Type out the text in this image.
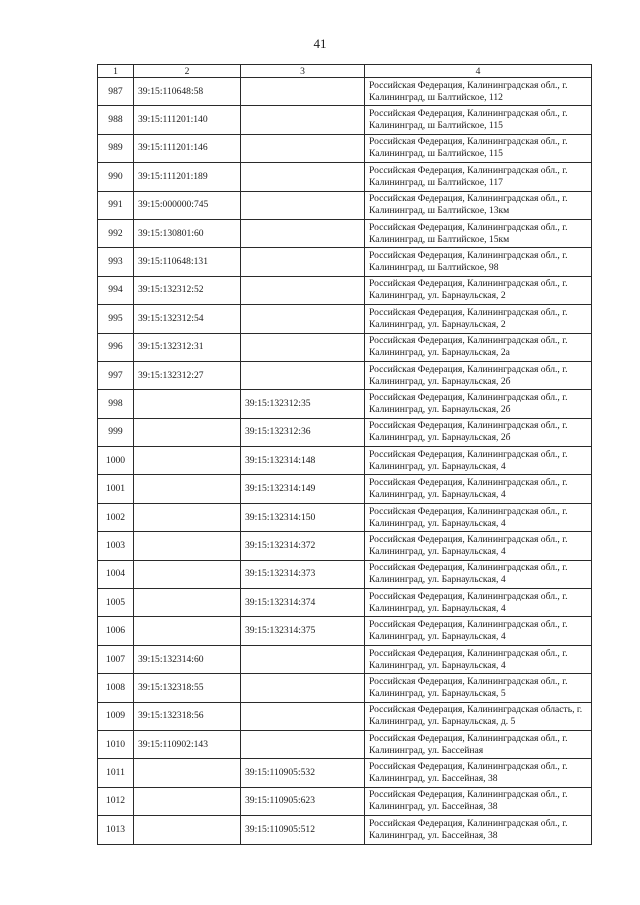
41
1	2	3	4
987	39:15:110648:58		Российская Федерация, Калининградская обл., г. Калининград, ш Балтийское, 112
988	39:15:111201:140		Российская Федерация, Калининградская обл., г. Калининград, ш Балтийское, 115
989	39:15:111201:146		Российская Федерация, Калининградская обл., г. Калининград, ш Балтийское, 115
990	39:15:111201:189		Российская Федерация, Калининградская обл., г. Калининград, ш Балтийское, 117
991	39:15:000000:745		Российская Федерация, Калининградская обл., г. Калининград, ш Балтийское, 13км
992	39:15:130801:60		Российская Федерация, Калининградская обл., г. Калининград, ш Балтийское, 15км
993	39:15:110648:131		Российская Федерация, Калининградская обл., г. Калининград, ш Балтийское, 98
994	39:15:132312:52		Российская Федерация, Калининградская обл., г. Калининград, ул. Барнаульская, 2
995	39:15:132312:54		Российская Федерация, Калининградская обл., г. Калининград, ул. Барнаульская, 2
996	39:15:132312:31		Российская Федерация, Калининградская обл., г. Калининград, ул. Барнаульская, 2а
997	39:15:132312:27		Российская Федерация, Калининградская обл., г. Калининград, ул. Барнаульская, 2б
998		39:15:132312:35	Российская Федерация, Калининградская обл., г. Калининград, ул. Барнаульская, 2б
999		39:15:132312:36	Российская Федерация, Калининградская обл., г. Калининград, ул. Барнаульская, 2б
1000		39:15:132314:148	Российская Федерация, Калининградская обл., г. Калининград, ул. Барнаульская, 4
1001		39:15:132314:149	Российская Федерация, Калининградская обл., г. Калининград, ул. Барнаульская, 4
1002		39:15:132314:150	Российская Федерация, Калининградская обл., г. Калининград, ул. Барнаульская, 4
1003		39:15:132314:372	Российская Федерация, Калининградская обл., г. Калининград, ул. Барнаульская, 4
1004		39:15:132314:373	Российская Федерация, Калининградская обл., г. Калининград, ул. Барнаульская, 4
1005		39:15:132314:374	Российская Федерация, Калининградская обл., г. Калининград, ул. Барнаульская, 4
1006		39:15:132314:375	Российская Федерация, Калининградская обл., г. Калининград, ул. Барнаульская, 4
1007	39:15:132314:60		Российская Федерация, Калининградская обл., г. Калининград, ул. Барнаульская, 4
1008	39:15:132318:55		Российская Федерация, Калининградская обл., г. Калининград, ул. Барнаульская, 5
1009	39:15:132318:56		Российская Федерация, Калининградская область, г. Калининград, ул. Барнаульская, д. 5
1010	39:15:110902:143		Российская Федерация, Калининградская обл., г. Калининград, ул. Бассейная
1011		39:15:110905:532	Российская Федерация, Калининградская обл., г. Калининград, ул. Бассейная, 38
1012		39:15:110905:623	Российская Федерация, Калининградская обл., г. Калининград, ул. Бассейная, 38
1013		39:15:110905:512	Российская Федерация, Калининградская обл., г. Калининград, ул. Бассейная, 38
